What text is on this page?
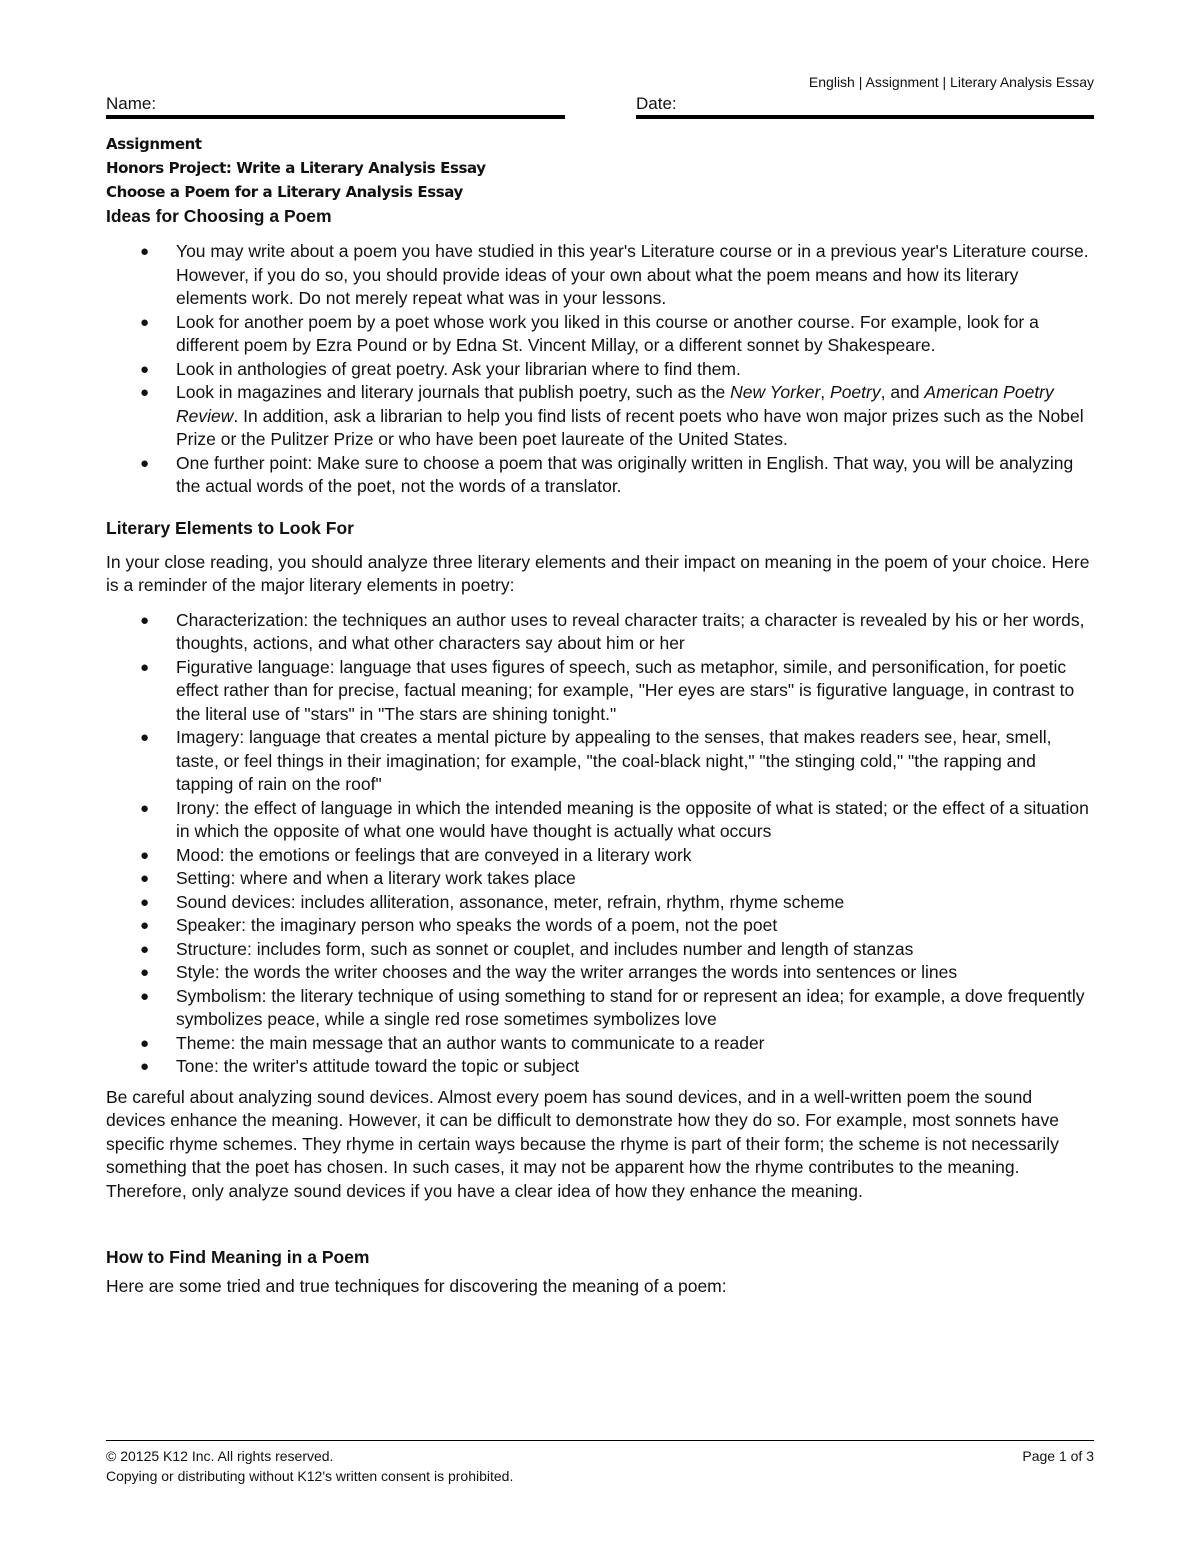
English | Assignment | Literary Analysis Essay
Name:	Date:

Assignment

Honors Project: Write a Literary Analysis Essay

Choose a Poem for a Literary Analysis Essay

Ideas for Choosing a Poem
● You may write about a poem you have studied in this year's Literature course or in a previous year's Literature course. However, if you do so, you should provide ideas of your own about what the poem means and how its literary elements work. Do not merely repeat what was in your lessons.
● Look for another poem by a poet whose work you liked in this course or another course. For example, look for a different poem by Ezra Pound or by Edna St. Vincent Millay, or a different sonnet by Shakespeare.
● Look in anthologies of great poetry. Ask your librarian where to find them.
● Look in magazines and literary journals that publish poetry, such as the New Yorker, Poetry, and American Poetry Review. In addition, ask a librarian to help you find lists of recent poets who have won major prizes such as the Nobel Prize or the Pulitzer Prize or who have been poet laureate of the United States.
● One further point: Make sure to choose a poem that was originally written in English. That way, you will be analyzing the actual words of the poet, not the words of a translator.
Literary Elements to Look For

In your close reading, you should analyze three literary elements and their impact on meaning in the poem of your choice. Here is a reminder of the major literary elements in poetry:

● Characterization: the techniques an author uses to reveal character traits; a character is revealed by his or her words, thoughts, actions, and what other characters say about him or her
● Figurative language: language that uses figures of speech, such as metaphor, simile, and personification, for poetic effect rather than for precise, factual meaning; for example, "Her eyes are stars" is figurative language, in contrast to the literal use of "stars" in "The stars are shining tonight."
● Imagery: language that creates a mental picture by appealing to the senses, that makes readers see, hear, smell, taste, or feel things in their imagination; for example, "the coal-black night," "the stinging cold," "the rapping and tapping of rain on the roof"
● Irony: the effect of language in which the intended meaning is the opposite of what is stated; or the effect of a situation in which the opposite of what one would have thought is actually what occurs
● Mood: the emotions or feelings that are conveyed in a literary work
● Setting: where and when a literary work takes place
● Sound devices: includes alliteration, assonance, meter, refrain, rhythm, rhyme scheme
● Speaker: the imaginary person who speaks the words of a poem, not the poet
● Structure: includes form, such as sonnet or couplet, and includes number and length of stanzas
● Style: the words the writer chooses and the way the writer arranges the words into sentences or lines
● Symbolism: the literary technique of using something to stand for or represent an idea; for example, a dove frequently symbolizes peace, while a single red rose sometimes symbolizes love
● Theme: the main message that an author wants to communicate to a reader
● Tone: the writer's attitude toward the topic or subject

Be careful about analyzing sound devices. Almost every poem has sound devices, and in a well-written poem the sound devices enhance the meaning. However, it can be difficult to demonstrate how they do so. For example, most sonnets have specific rhyme schemes. They rhyme in certain ways because the rhyme is part of their form; the scheme is not necessarily something that the poet has chosen. In such cases, it may not be apparent how the rhyme contributes to the meaning. Therefore, only analyze sound devices if you have a clear idea of how they enhance the meaning.

How to Find Meaning in a Poem

Here are some tried and true techniques for discovering the meaning of a poem:

© 20125 K12 Inc. All rights reserved.
Copying or distributing without K12's written consent is prohibited.
Page 1 of 3
